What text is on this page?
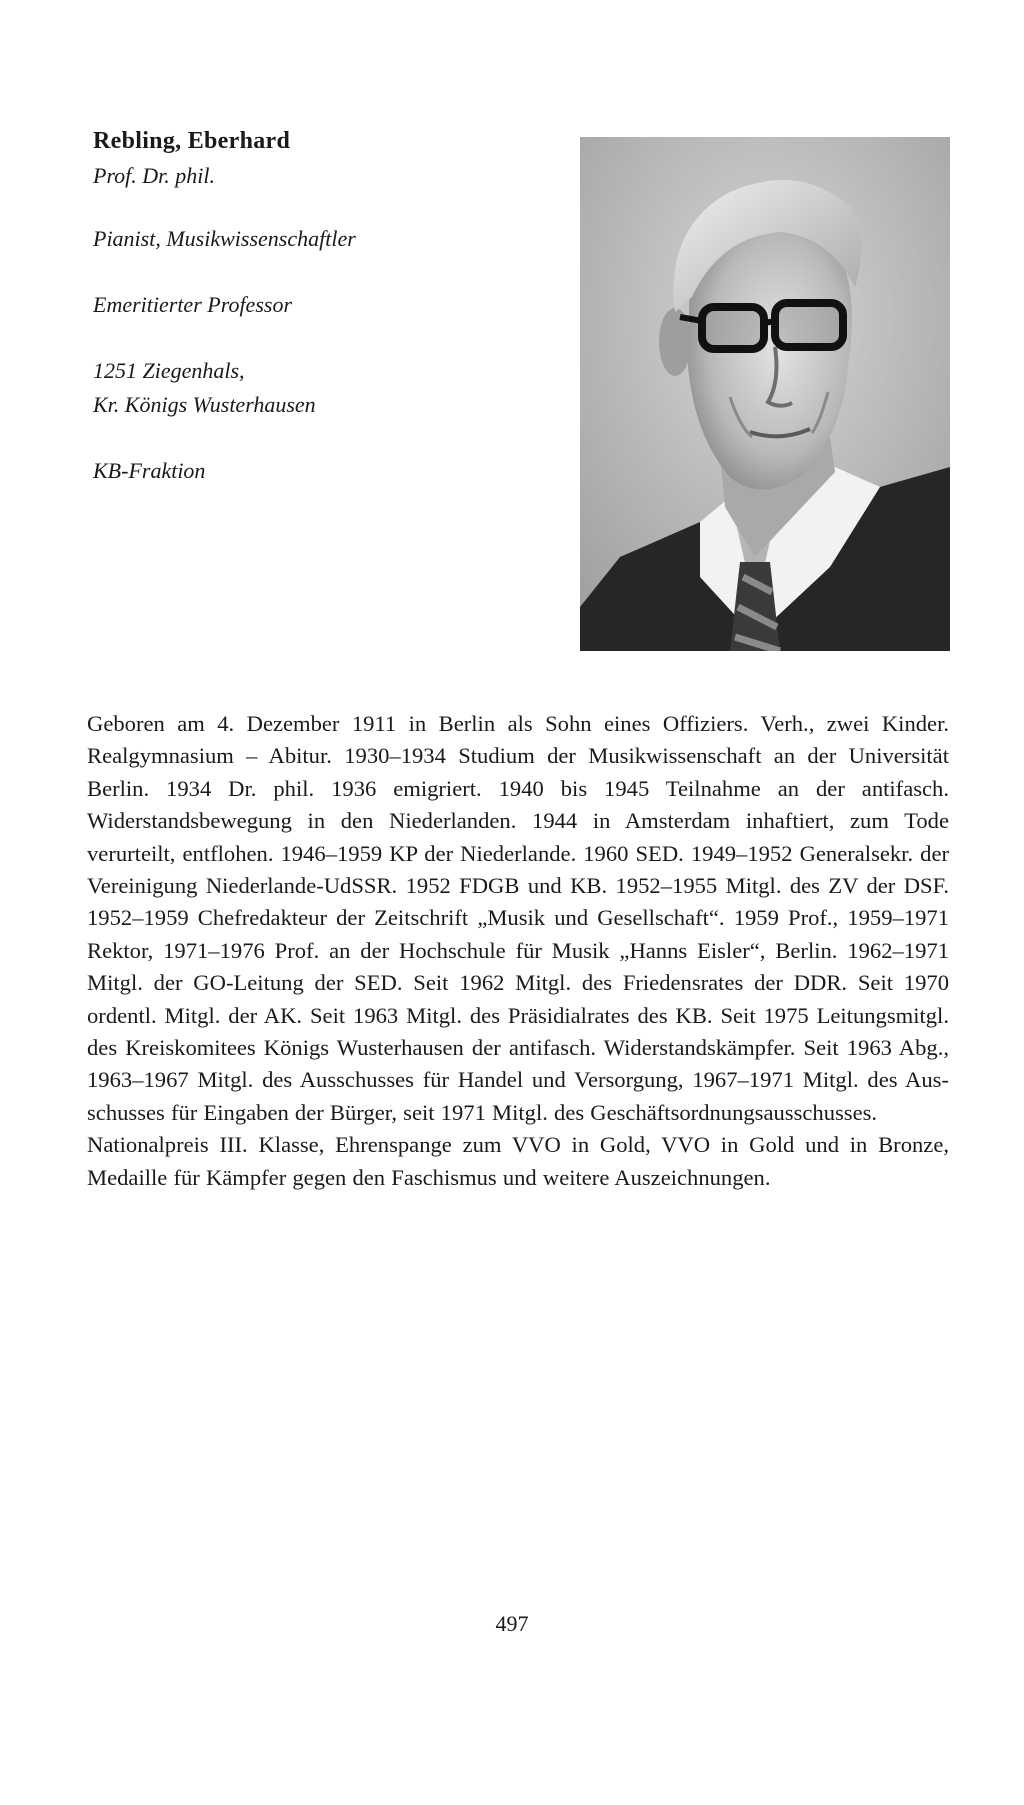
Rebling, Eberhard
Prof. Dr. phil.
Pianist, Musikwissenschaftler
Emeritierter Professor
1251 Ziegenhals,
Kr. Königs Wusterhausen
KB-Fraktion

Geboren am 4. Dezember 1911 in Berlin als Sohn eines Offiziers. Verh., zwei Kinder. Realgymnasium – Abitur. 1930–1934 Studium der Musikwissenschaft an der Universität Berlin. 1934 Dr. phil. 1936 emigriert. 1940 bis 1945 Teilnahme an der antifasch. Widerstandsbewegung in den Niederlanden. 1944 in Amsterdam inhaftiert, zum Tode verurteilt, entflohen. 1946–1959 KP der Niederlande. 1960 SED. 1949–1952 Generalsekr. der Vereinigung Niederlande-UdSSR. 1952 FDGB und KB. 1952–1955 Mitgl. des ZV der DSF. 1952–1959 Chefredakteur der Zeitschrift „Musik und Gesellschaft“. 1959 Prof., 1959–1971 Rektor, 1971–1976 Prof. an der Hochschule für Musik „Hanns Eisler“, Berlin. 1962–1971 Mitgl. der GO-Leitung der SED. Seit 1962 Mitgl. des Friedensrates der DDR. Seit 1970 ordentl. Mitgl. der AK. Seit 1963 Mitgl. des Präsidialrates des KB. Seit 1975 Leitungsmitgl. des Kreiskomitees Königs Wusterhausen der antifasch. Widerstandskämpfer. Seit 1963 Abg., 1963–1967 Mitgl. des Ausschusses für Handel und Versorgung, 1967–1971 Mitgl. des Ausschusses für Eingaben der Bürger, seit 1971 Mitgl. des Geschäftsordnungsausschusses.

Nationalpreis III. Klasse, Ehrenspange zum VVO in Gold, VVO in Gold und in Bronze, Medaille für Kämpfer gegen den Faschismus und weitere Auszeichnungen.

497
